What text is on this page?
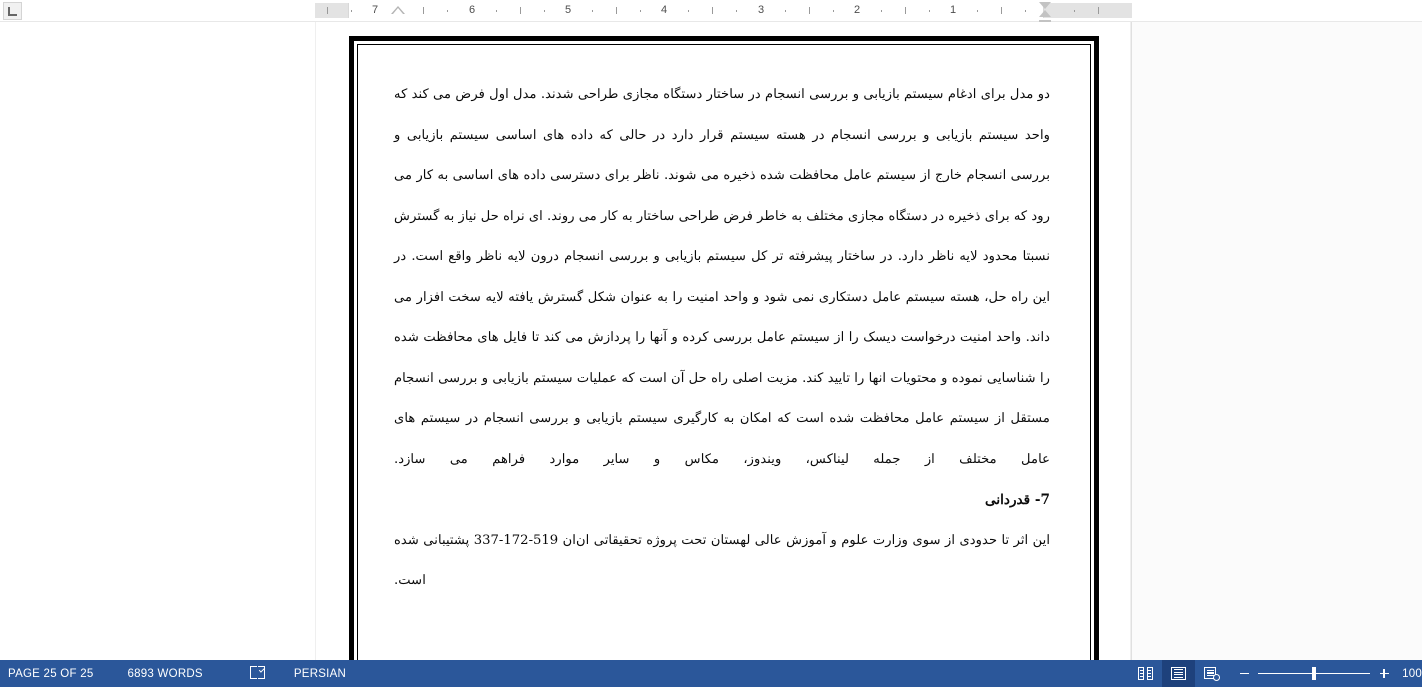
7	6	5	4	3	2	1

دو مدل برای ادغام سیستم بازیابی و بررسی انسجام در ساختار دستگاه مجازی طراحی شدند. مدل اول فرض می کند که واحد سیستم بازیابی و بررسی انسجام در هسته سیستم قرار دارد در حالی که داده های اساسی سیستم بازیابی و بررسی انسجام خارج از سیستم عامل محافظت شده ذخیره می شوند. ناظر برای دسترسی داده های اساسی به کار می رود که برای ذخیره در دستگاه مجازی مختلف به خاطر فرض طراحی ساختار به کار می روند. ای نراه حل نیاز به گسترش نسبتا محدود لایه ناظر دارد. در ساختار پیشرفته تر کل سیستم بازیابی و بررسی انسجام درون لایه ناظر واقع است. در این راه حل، هسته سیستم عامل دستکاری نمی شود و واحد امنیت را به عنوان شکل گسترش یافته لایه سخت افزار می داند. واحد امنیت درخواست دیسک را از سیستم عامل بررسی کرده و آنها را پردازش می کند تا فایل های محافظت شده را شناسایی نموده و محتویات انها را تایید کند. مزیت اصلی راه حل آن است که عملیات سیستم بازیابی و بررسی انسجام مستقل از سیستم عامل محافظت شده است که امکان به کارگیری سیستم بازیابی و بررسی انسجام در سیستم های عامل مختلف از جمله لیناکس، ویندوز، مکاس و سایر موارد فراهم می سازد.

7- قدردانی

این اثر تا حدودی از سوی وزارت علوم و آموزش عالی لهستان تحت پروژه تحقیقاتی ان‌ان 519-172-337 پشتیبانی شده است.

PAGE 25 OF 25	6893 WORDS	PERSIAN	100
